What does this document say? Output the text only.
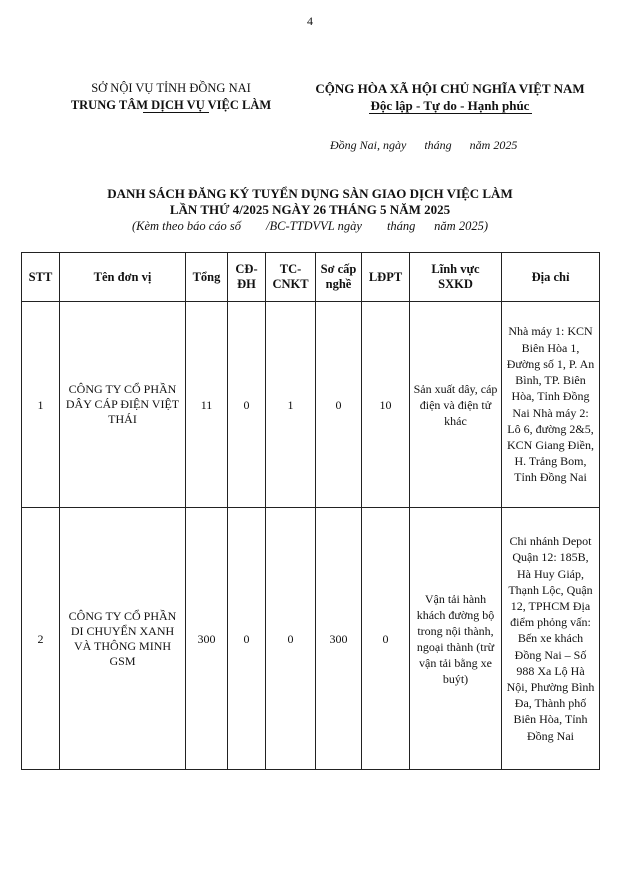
4
SỞ NỘI VỤ TỈNH ĐỒNG NAI
TRUNG TÂM DỊCH VỤ VIỆC LÀM
CỘNG HÒA XÃ HỘI CHỦ NGHĨA VIỆT NAM
Độc lập - Tự do - Hạnh phúc
Đồng Nai, ngày      tháng      năm 2025
DANH SÁCH ĐĂNG KÝ TUYỂN DỤNG SÀN GIAO DỊCH VIỆC LÀM
LẦN THỨ 4/2025 NGÀY 26 THÁNG 5 NĂM 2025
(Kèm theo báo cáo số        /BC-TTDVVL ngày        tháng      năm 2025)
STT	Tên đơn vị	Tổng	CĐ-ĐH	TC-CNKT	Sơ cấp nghề	LĐPT	Lĩnh vực SXKD	Địa chỉ
1	CÔNG TY CỔ PHẦN DÂY CÁP ĐIỆN VIỆT THÁI	11	0	1	0	10	Sản xuất dây, cáp điện và điện tử khác	Nhà máy 1: KCN Biên Hòa 1, Đường số 1, P. An Bình, TP. Biên Hòa, Tỉnh Đồng Nai Nhà máy 2: Lô 6, đường 2&5, KCN Giang Điền, H. Trảng Bom, Tỉnh Đồng Nai
2	CÔNG TY CỔ PHẦN DI CHUYỂN XANH VÀ THÔNG MINH GSM	300	0	0	300	0	Vận tải hành khách đường bộ trong nội thành, ngoại thành (trừ vận tải bằng xe buýt)	Chi nhánh Depot Quận 12: 185B, Hà Huy Giáp, Thạnh Lộc, Quận 12, TPHCM Địa điểm phỏng vấn: Bến xe khách Đồng Nai – Số 988 Xa Lộ Hà Nội, Phường Bình Đa, Thành phố Biên Hòa, Tỉnh Đồng Nai
